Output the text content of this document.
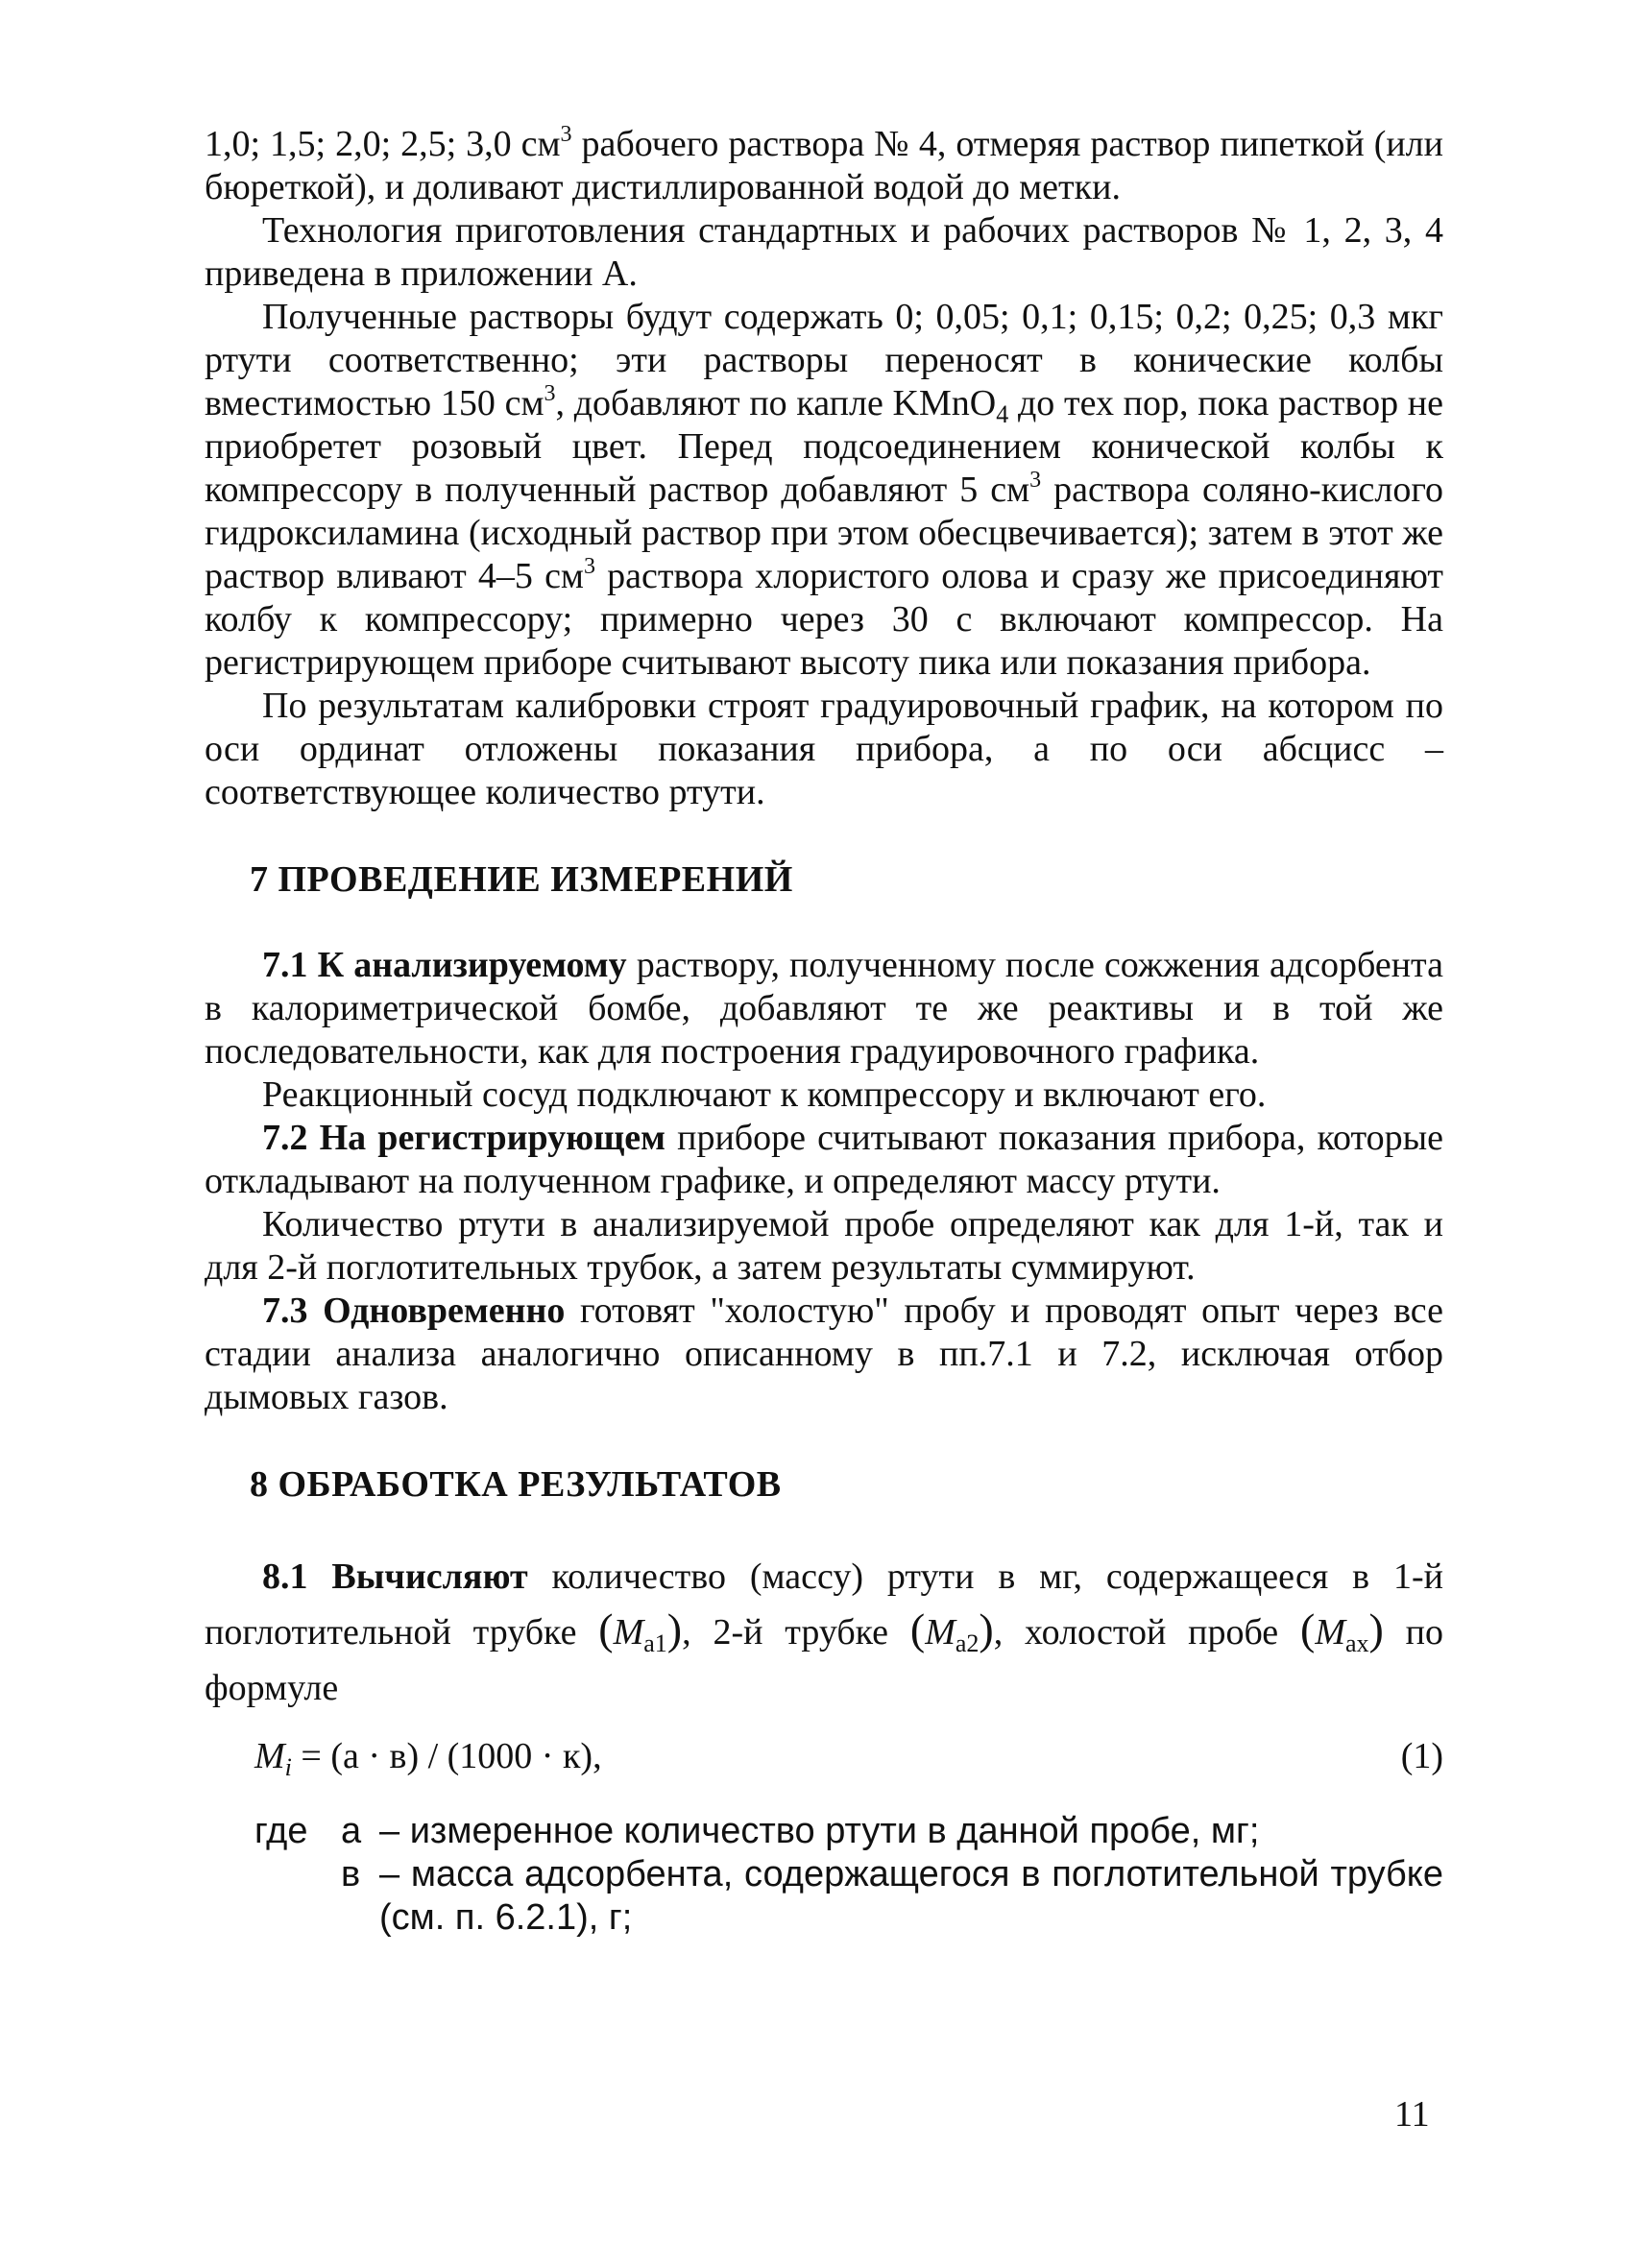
1,0; 1,5; 2,0; 2,5; 3,0 $см^3$ рабочего раствора № 4, отмеряя раствор пипеткой (или бюреткой), и доливают дистиллированной водой до метки.

Технология приготовления стандартных и рабочих растворов № 1, 2, 3, 4 приведена в приложении А.

Полученные растворы будут содержать 0; 0,05; 0,1; 0,15; 0,2; 0,25; 0,3 мкг ртути соответственно; эти растворы переносят в конические колбы вместимостью 150 $см^3$, добавляют по капле KMnO$_4$ до тех пор, пока раствор не приобретет розовый цвет. Перед подсоединением конической колбы к компрессору в полученный раствор добавляют 5 $см^3$ раствора соляно-кислого гидроксиламина (исходный раствор при этом обесцвечивается); затем в этот же раствор вливают 4–5 $см^3$ раствора хлористого олова и сразу же присоединяют колбу к компрессору; примерно через 30 с включают компрессор. На регистрирующем приборе считывают высоту пика или показания прибора.

По результатам калибровки строят градуировочный график, на котором по оси ординат отложены показания прибора, а по оси абсцисс – соответствующее количество ртути.

7 ПРОВЕДЕНИЕ ИЗМЕРЕНИЙ

7.1 К анализируемому раствору, полученному после сожжения адсорбента в калориметрической бомбе, добавляют те же реактивы и в той же последовательности, как для построения градуировочного графика.

Реакционный сосуд подключают к компрессору и включают его.

7.2 На регистрирующем приборе считывают показания прибора, которые откладывают на полученном графике, и определяют массу ртути.

Количество ртути в анализируемой пробе определяют как для 1-й, так и для 2-й поглотительных трубок, а затем результаты суммируют.

7.3 Одновременно готовят "холостую" пробу и проводят опыт через все стадии анализа аналогично описанному в пп.7.1 и 7.2, исключая отбор дымовых газов.

8 ОБРАБОТКА РЕЗУЛЬТАТОВ

8.1 Вычисляют количество (массу) ртути в мг, содержащееся в 1-й поглотительной трубке $(M_{a1})$, 2-й трубке $(M_{a2})$, холостой пробе $(M_{ax})$ по формуле

$M_i = (a \cdot в) / (1000 \cdot к)$,	(1)
где а – измеренное количество ртути в данной пробе, мг;

в – масса адсорбента, содержащегося в поглотительной трубке (см. п. 6.2.1), г;

11
